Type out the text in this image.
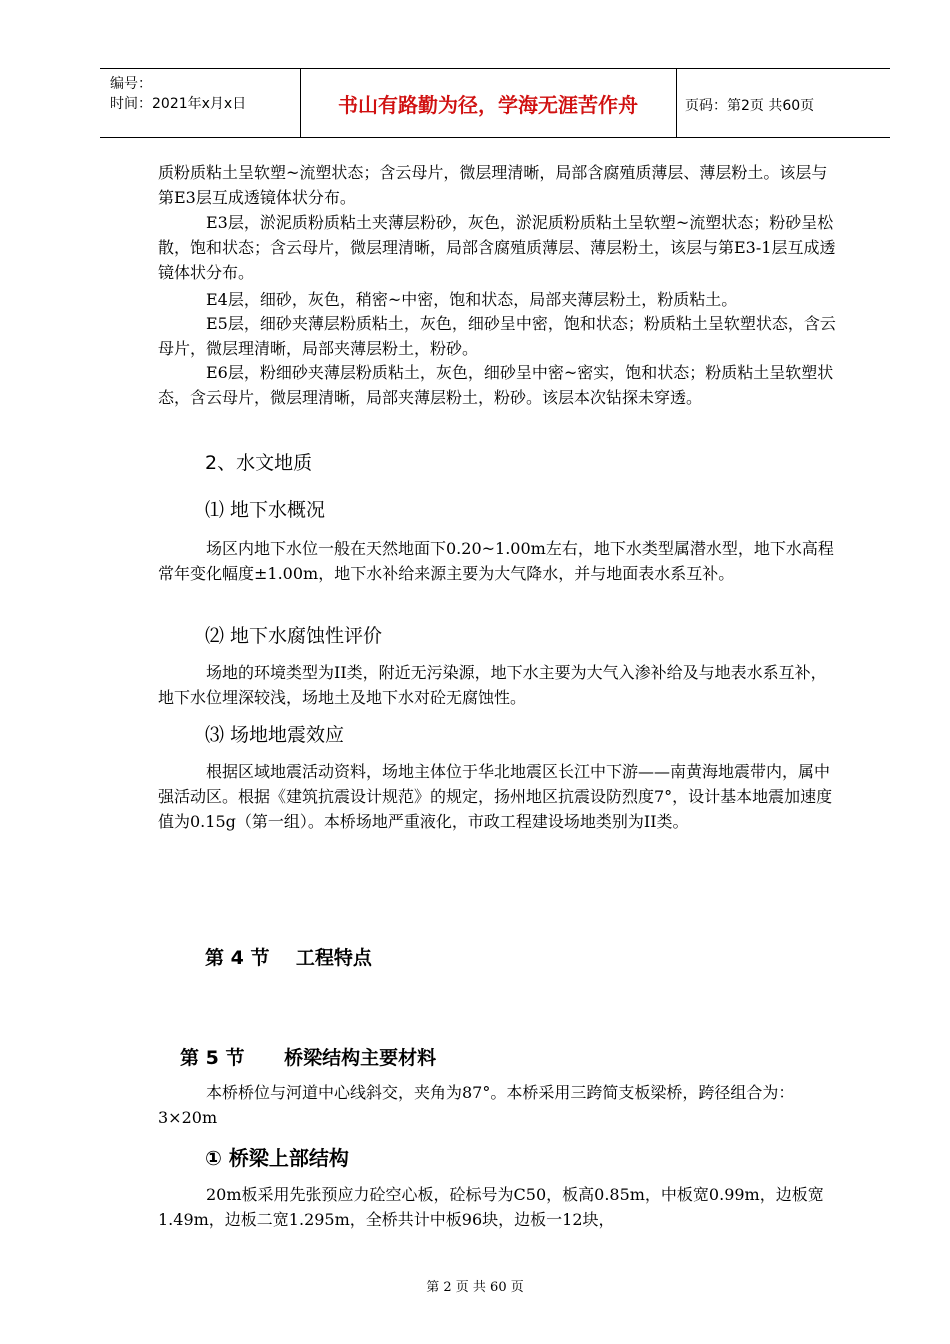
编号：
时间：2021年x月x日	书山有路勤为径，学海无涯苦作舟	页码：第2页 共60页
质粉质粘土呈软塑~流塑状态；含云母片，微层理清晰，局部含腐殖质薄层、薄层粉土。该层与第E3层互成透镜体状分布。
E3层，淤泥质粉质粘土夹薄层粉砂，灰色，淤泥质粉质粘土呈软塑~流塑状态；粉砂呈松散，饱和状态；含云母片，微层理清晰，局部含腐殖质薄层、薄层粉土，该层与第E3-1层互成透镜体状分布。
E4层，细砂，灰色，稍密~中密，饱和状态，局部夹薄层粉土，粉质粘土。
E5层，细砂夹薄层粉质粘土，灰色，细砂呈中密，饱和状态；粉质粘土呈软塑状态，含云母片，微层理清晰，局部夹薄层粉土，粉砂。
E6层，粉细砂夹薄层粉质粘土，灰色，细砂呈中密~密实，饱和状态；粉质粘土呈软塑状态，含云母片，微层理清晰，局部夹薄层粉土，粉砂。该层本次钻探未穿透。
2、水文地质
⑴ 地下水概况
场区内地下水位一般在天然地面下0.20~1.00m左右，地下水类型属潜水型，地下水高程常年变化幅度±1.00m，地下水补给来源主要为大气降水，并与地面表水系互补。
⑵ 地下水腐蚀性评价
场地的环境类型为II类，附近无污染源，地下水主要为大气入渗补给及与地表水系互补，地下水位埋深较浅，场地土及地下水对砼无腐蚀性。
⑶ 场地地震效应
根据区域地震活动资料，场地主体位于华北地震区长江中下游——南黄海地震带内，属中强活动区。根据《建筑抗震设计规范》的规定，扬州地区抗震设防烈度7°，设计基本地震加速度值为0.15g（第一组）。本桥场地严重液化，市政工程建设场地类别为II类。
第 4 节    工程特点
第 5 节      桥梁结构主要材料
本桥桥位与河道中心线斜交，夹角为87°。本桥采用三跨简支板梁桥，跨径组合为：3×20m
① 桥梁上部结构
20m板采用先张预应力砼空心板，砼标号为C50，板高0.85m，中板宽0.99m，边板宽1.49m，边板二宽1.295m，全桥共计中板96块，边板一12块，
第 2 页 共 60 页
